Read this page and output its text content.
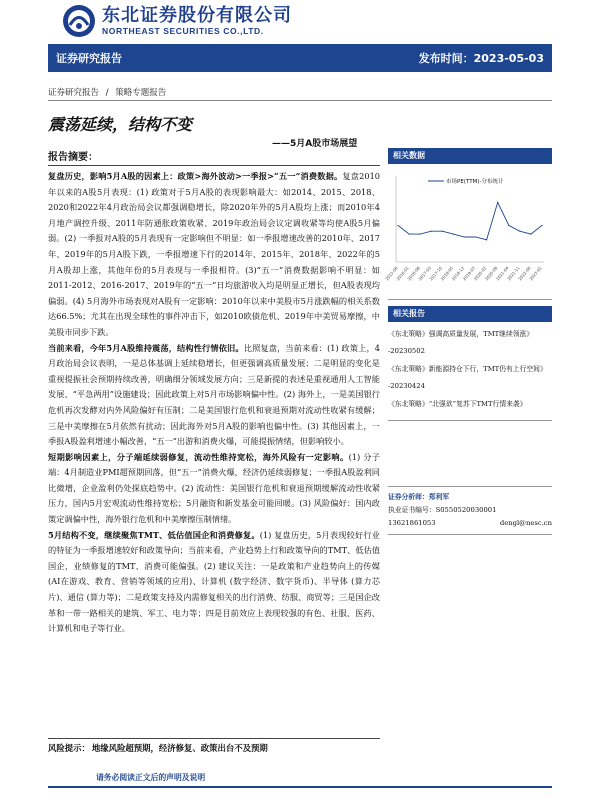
东北证券股份有限公司
NORTHEAST SECURITIES CO.,LTD.
证券研究报告	发布时间：2023-05-03
证券研究报告 / 策略专题报告
震荡延续，结构不变
——5月A股市场展望
报告摘要：
复盘历史，影响5月A股的因素上：政策>海外波动>一季报>“五一”消费数据。复盘2010年以来的A股5月表现：(1) 政策对于5月A股的表现影响最大：如2014、2015、2018、2020和2022年4月政治局会议都强调稳增长，除2020年外的5月A股均上涨；而2010年4月地产调控升级、2011年防通胀政策收紧、2019年政治局会议定调收紧等均使A股5月偏弱。(2) 一季报对A股的5月表现有一定影响但不明显：如一季报增速改善的2010年、2017年、2019年的5月A股下跌，一季报增速下行的2014年、2015年、2018年、2022年的5月A股却上涨，其他年份的5月表现与一季报相符。(3)“五一”消费数据影响不明显：如2011-2012、2016-2017、2019年的“五一”日均旅游收入均是明显正增长，但A股表现均偏弱。(4) 5月海外市场表现对A股有一定影响：2010年以来中美股市5月涨跌幅的相关系数达66.5%；尤其在出现全球性的事件冲击下，如2010欧债危机、2019年中美贸易摩擦，中美股市同步下跌。
当前来看，今年5月A股维持震荡，结构性行情依旧。比照复盘，当前来看：(1) 政策上，4月政治局会议表明，一是总体基调上延续稳增长，但更强调高质量发展；二是明显的变化是重视提振社会预期持续改善，明确细分领域发展方向；三是新提的表述是重视通用人工智能发展、“平急两用”设施建设；因此政策上对5月市场影响偏中性。(2) 海外上，一是美国银行危机再次发酵对内外风险偏好有压制；二是美国银行危机和衰退预期对流动性收紧有缓解；三是中美摩擦在5月依然有扰动；因此海外对5月A股的影响也偏中性。(3) 其他因素上，一季报A股盈利增速小幅改善，“五一”出游和消费火爆，可能提振情绪，但影响较小。
短期影响因素上，分子端延续弱修复，流动性维持宽松，海外风险有一定影响。(1) 分子端：4月制造业PMI超预期回落，但“五一”消费火爆，经济仍延续弱修复；一季报A股盈利同比微增，企业盈利仍处探底趋势中。(2) 流动性：美国银行危机和衰退预期缓解流动性收紧压力，国内5月宏观流动性维持宽松；5月融资和新发基金可能回暖。(3) 风险偏好：国内政策定调偏中性，海外银行危机和中美摩擦压制情绪。
5月结构不变，继续聚焦TMT、低估值国企和消费修复。(1) 复盘历史，5月表现较好行业的特征为一季报增速较好和政策导向；当前来看，产业趋势上行和政策导向的TMT、低估值国企，业绩修复的TMT、消费可能偏强。(2) 建议关注：一是政策和产业趋势向上的传媒 (AI在游戏、教育、营销等领域的应用)、计算机 (数字经济、数字货币)、半导体 (算力芯片)、通信 (算力等)；二是政策支持及内需修复相关的出行消费、纺服、商贸等；三是国企改革和一带一路相关的建筑、军工、电力等；四是目前效应上表现较强的有色、社服、医药、计算机和电子等行业。
风险提示： 地缘风险超预期，经济修复、政策出台不及预期
请务必阅读正文后的声明及说明
相关数据
市场PE(TTM)-分布统计
2015-06
2016-01
2016-08
2017-03
2017-10
2018-05
2018-12
2019-07
2020-02
2020-09
2021-04
2021-11
2022-06
2023-01
相关报告
《东北策略》强调高质量发展，TMT继续领涨》
-20230502
《东北策略》新能源持仓下行，TMT仍有上行空间》
-20230424
《东北策略》“北强欲”复苏下TMT行情来袭》
证券分析师：郑利军
执业证书编号：S0550520030001
13621861053	dengl@nesc.cn
